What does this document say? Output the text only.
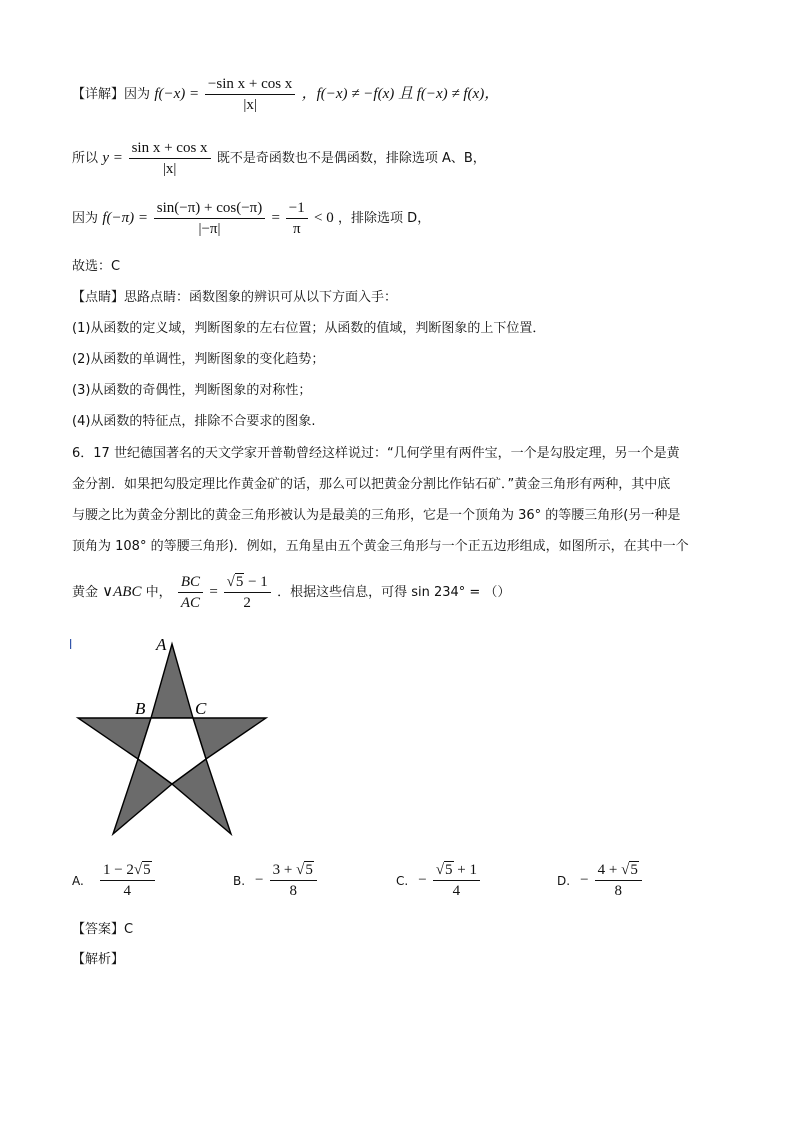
【详解】因为 $f(-x) = \frac{\text{−sin x + cos x}}{|x|}$ ，f(−x) ≠ −f(x) 且 f(−x) ≠ f(x)，
所以 $y = \frac{\text{sin x + cos x}}{|x|}$ 既不是奇函数也不是偶函数，排除选项 A、B，
因为 $f(-\pi) = \frac{\sin(-\pi) + \cos(-\pi)}{|-\pi|} = \frac{-1}{\pi} < 0$ ，排除选项 D，
故选：C
【点睛】思路点睛：函数图象的辨识可从以下方面入手：
(1)从函数的定义域，判断图象的左右位置；从函数的值域，判断图象的上下位置．
(2)从函数的单调性，判断图象的变化趋势；
(3)从函数的奇偶性，判断图象的对称性；
(4)从函数的特征点，排除不合要求的图象.
6．17 世纪德国著名的天文学家开普勒曾经这样说过：“几何学里有两件宝，一个是勾股定理，另一个是黄
金分割．如果把勾股定理比作黄金矿的话，那么可以把黄金分割比作钻石矿．”黄金三角形有两种，其中底
与腰之比为黄金分割比的黄金三角形被认为是最美的三角形，它是一个顶角为 36° 的等腰三角形(另一种是
顶角为 108° 的等腰三角形)．例如，五角星由五个黄金三角形与一个正五边形组成，如图所示，在其中一个
黄金 ∨ABC 中， $\frac{BC}{AC} = \frac{√5 - 1}{2}$ ．根据这些信息，可得 sin 234° = （）
A
B	C
A. $\frac{1 - 2√5}{4}$	B. − $\frac{3 + √5}{8}$	C. − $\frac{√5 + 1}{4}$	D. − $\frac{4 + √5}{8}$
【答案】C
【解析】
